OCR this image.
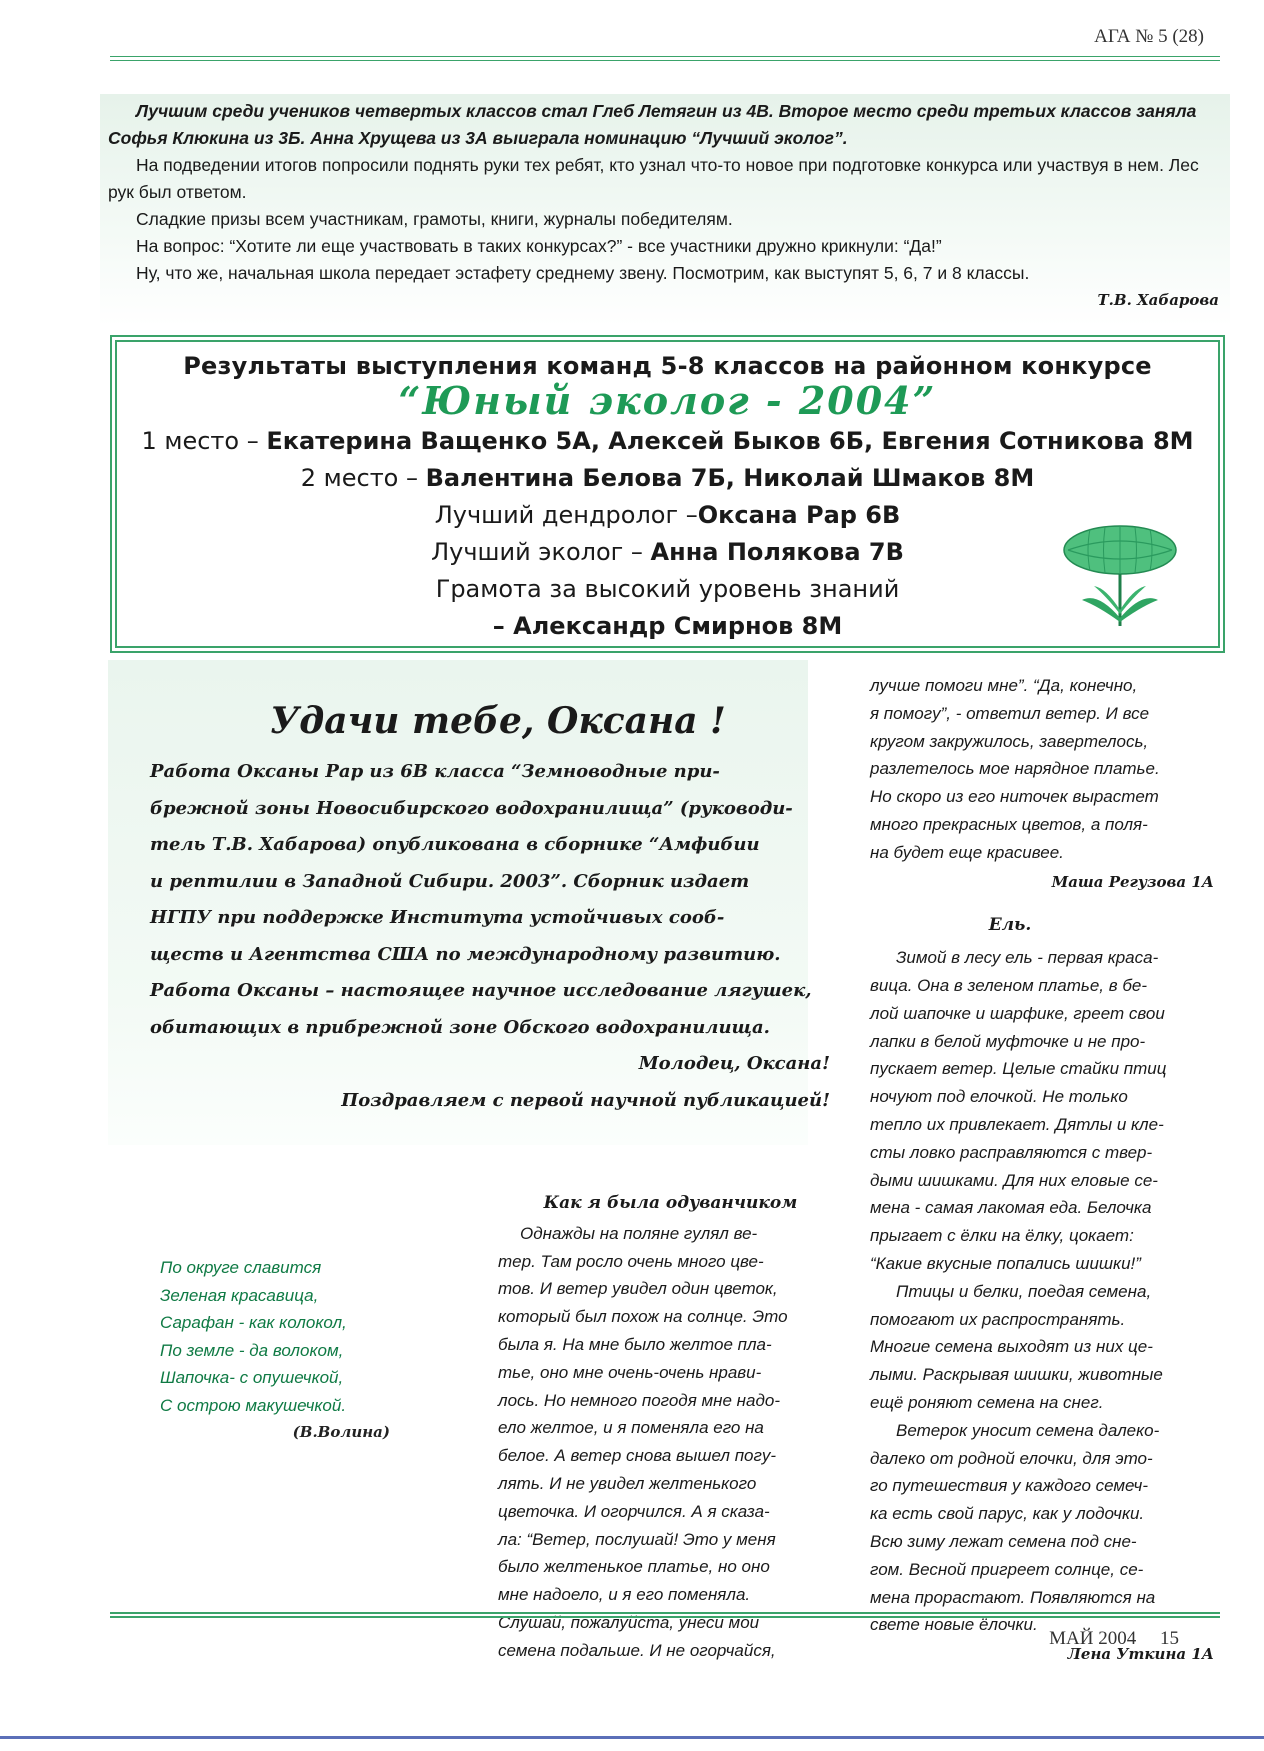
АГА № 5 (28)

Лучшим среди учеников четвертых классов стал Глеб Летягин из 4В. Второе место среди третьих классов заняла Софья Клюкина из 3Б. Анна Хрущева из 3А выиграла номинацию “Лучший эколог”.

На подведении итогов попросили поднять руки тех ребят, кто узнал что-то новое при подготовке конкурса или участвуя в нем. Лес рук был ответом.

Сладкие призы всем участникам, грамоты, книги, журналы победителям.

На вопрос: “Хотите ли еще участвовать в таких конкурсах?” - все участники дружно крикнули: “Да!”

Ну, что же, начальная школа передает эстафету среднему звену. Посмотрим, как выступят 5, 6, 7 и 8 классы.

Т.В. Хабарова

Результаты выступления команд 5-8 классов на районном конкурсе
“Юный эколог - 2004”
1 место – Екатерина Ващенко 5А, Алексей Быков 6Б, Евгения Сотникова 8М
2 место – Валентина Белова 7Б, Николай Шмаков 8М
Лучший дендролог –Оксана Рар 6В
Лучший эколог – Анна Полякова 7В
Грамота за высокий уровень знаний
– Александр Смирнов 8М
Удачи тебе, Оксана !
Работа Оксаны Рар из 6В класса “Земноводные при-
брежной зоны Новосибирского водохранилища” (руководи-
тель Т.В. Хабарова) опубликована в сборнике “Амфибии
и рептилии в Западной Сибири. 2003”. Сборник издает
НГПУ при поддержке Института устойчивых сооб-
ществ и Агентства США по международному развитию.
Работа Оксаны – настоящее научное исследование лягушек,
обитающих в прибрежной зоне Обского водохранилища.
Молодец, Оксана!
Поздравляем с первой научной публикацией!
лучше помоги мне”. “Да, конечно,
я помогу”, - ответил ветер. И все
кругом закружилось, завертелось,
разлетелось мое нарядное платье.
Но скоро из его ниточек вырастет
много прекрасных цветов, а поля-
на будет еще красивее.
Маша Регузова 1А
Ель.
Зимой в лесу ель - первая краса-
вица. Она в зеленом платье, в бе-
лой шапочке и шарфике, греет свои
лапки в белой муфточке и не про-
пускает ветер. Целые стайки птиц
ночуют под елочкой. Не только
тепло их привлекает. Дятлы и кле-
сты ловко расправляются с твер-
дыми шишками. Для них еловые се-
мена - самая лакомая еда. Белочка
прыгает с ёлки на ёлку, цокает:
“Какие вкусные попались шишки!”
Птицы и белки, поедая семена,
помогают их распространять.
Многие семена выходят из них це-
лыми. Раскрывая шишки, животные
ещё роняют семена на снег.
Ветерок уносит семена далеко-
далеко от родной елочки, для это-
го путешествия у каждого семеч-
ка есть свой парус, как у лодочки.
Всю зиму лежат семена под сне-
гом. Весной пригреет солнце, се-
мена прорастают. Появляются на
свете новые ёлочки.
Лена Уткина 1А
По округе славится
Зеленая красавица,
Сарафан - как колокол,
По земле - да волоком,
Шапочка- с опушечкой,
С острою макушечкой.
(В.Волина)
Как я была одуванчиком
Однажды на поляне гулял ве-
тер. Там росло очень много цве-
тов. И ветер увидел один цветок,
который был похож на солнце. Это
была я. На мне было желтое пла-
тье, оно мне очень-очень нрави-
лось. Но немного погодя мне надо-
ело желтое, и я поменяла его на
белое. А ветер снова вышел погу-
лять. И не увидел желтенького
цветочка. И огорчился. А я сказа-
ла: “Ветер, послушай! Это у меня
было желтенькое платье, но оно
мне надоело, и я его поменяла.
Слушай, пожалуйста, унеси мои
семена подальше. И не огорчайся,
МАЙ 2004     15
